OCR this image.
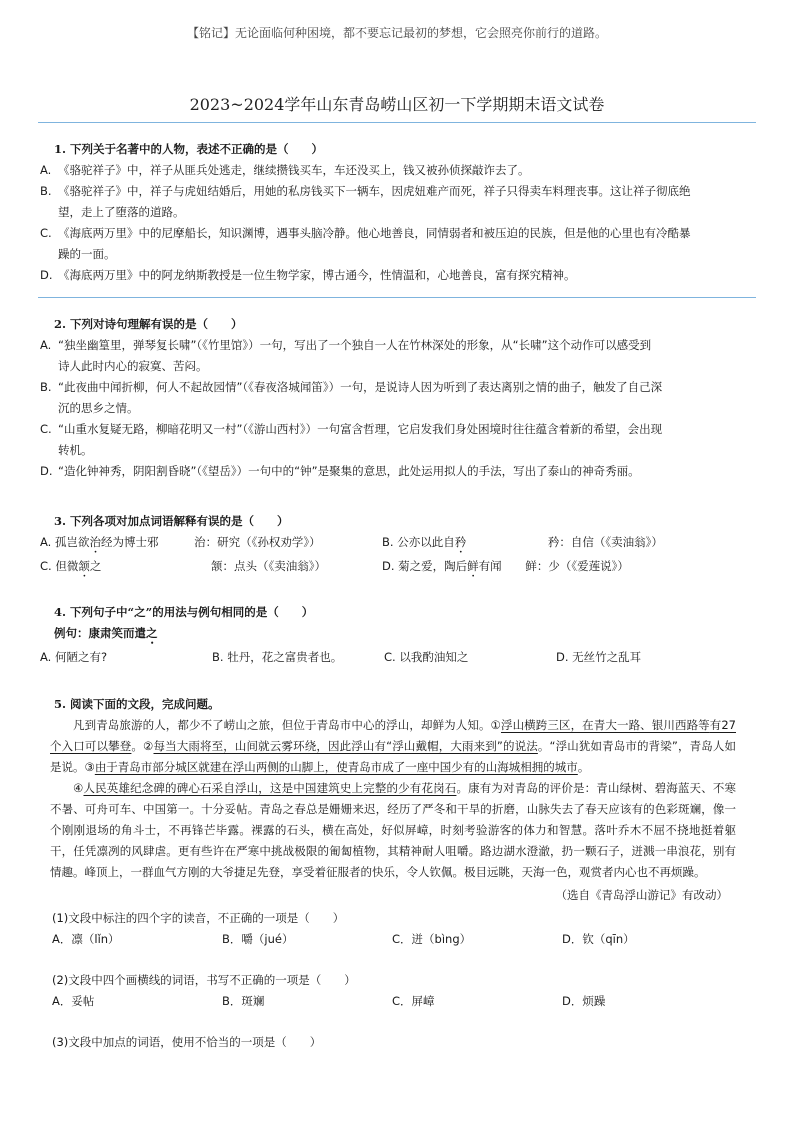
【铭记】无论面临何种困境，都不要忘记最初的梦想，它会照亮你前行的道路。
2023~2024学年山东青岛崂山区初一下学期期末语文试卷
1. 下列关于名著中的人物，表述不正确的是（　　）
A. 《骆驼祥子》中，祥子从匪兵处逃走，继续攒钱买车，车还没买上，钱又被孙侦探敲诈去了。
B. 《骆驼祥子》中，祥子与虎妞结婚后，用她的私房钱买下一辆车，因虎妞难产而死，祥子只得卖车料理丧事。这让祥子彻底绝
望，走上了堕落的道路。
C. 《海底两万里》中的尼摩船长，知识渊博，遇事头脑冷静。他心地善良，同情弱者和被压迫的民族，但是他的心里也有冷酷暴
躁的一面。
D. 《海底两万里》中的阿龙纳斯教授是一位生物学家，博古通今，性情温和，心地善良，富有探究精神。
2. 下列对诗句理解有误的是（　　）
A. “独坐幽篁里，弹琴复长啸”（《竹里馆》）一句，写出了一个独自一人在竹林深处的形象，从“长啸”这个动作可以感受到
诗人此时内心的寂寞、苦闷。
B. “此夜曲中闻折柳，何人不起故园情”（《春夜洛城闻笛》）一句，是说诗人因为听到了表达离别之情的曲子，触发了自己深
沉的思乡之情。
C. “山重水复疑无路，柳暗花明又一村”（《游山西村》）一句富含哲理，它启发我们身处困境时往往蕴含着新的希望，会出现
转机。
D. “造化钟神秀，阴阳割昏晓”（《望岳》）一句中的“钟”是聚集的意思，此处运用拟人的手法，写出了泰山的神奇秀丽。
3. 下列各项对加点词语解释有误的是（　　）
A. 孤岂欲治经为博士邪	治：研究（《孙权劝学》）	B. 公亦以此自矜	矜：自信（《卖油翁》）
C. 但微颔之	颔：点头（《卖油翁》）	D. 菊之爱，陶后鲜有闻 鲜：少（《爱莲说》）
4. 下列句子中“之”的用法与例句相同的是（　　）
例句：康肃笑而遣之
A. 何陋之有?	B. 牡丹，花之富贵者也。	C. 以我酌油知之	D. 无丝竹之乱耳
5. 阅读下面的文段，完成问题。
凡到青岛旅游的人，都少不了崂山之旅，但位于青岛市中心的浮山，却鲜为人知。①浮山横跨三区，在青大一路、银川西路等有27个入口可以攀登。②每当大雨将至，山间就云雾环绕，因此浮山有“浮山戴帽，大雨来到”的说法。“浮山犹如青岛市的背梁”，青岛人如是说。③由于青岛市部分城区就建在浮山两侧的山脚上，使青岛市成了一座中国少有的山海城相拥的城市。
④人民英雄纪念碑的碑心石采自浮山，这是中国建筑史上完整的少有花岗石。康有为对青岛的评价是：青山绿树、碧海蓝天、不寒不暑、可舟可车、中国第一。十分妥帖。青岛之春总是姗姗来迟，经历了严冬和干旱的折磨，山脉失去了春天应该有的色彩斑斓，像一个刚刚退场的角斗士，不再锋芒毕露。裸露的石头，横在高处，好似屏嶂，时刻考验游客的体力和智慧。落叶乔木不屈不挠地挺着躯干，任凭凛冽的风肆虐。更有些许在严寒中挑战极限的匍匐植物，其精神耐人咀嚼。路边湖水澄澈，扔一颗石子，迸溅一串浪花，别有情趣。峰顶上，一群血气方刚的大爷捷足先登，享受着征服者的快乐，令人钦佩。极目远眺，天海一色，观赏者内心也不再烦躁。
（选自《青岛浮山游记》有改动）
(1)文段中标注的四个字的读音，不正确的一项是（　　）
A．凛（lǐn）	B．嚼（jué）	C．迸（bìng）	D．钦（qīn）
(2)文段中四个画横线的词语，书写不正确的一项是（　　）
A．妥帖	B．斑斓	C．屏嶂	D．烦躁
(3)文段中加点的词语，使用不恰当的一项是（　　）
